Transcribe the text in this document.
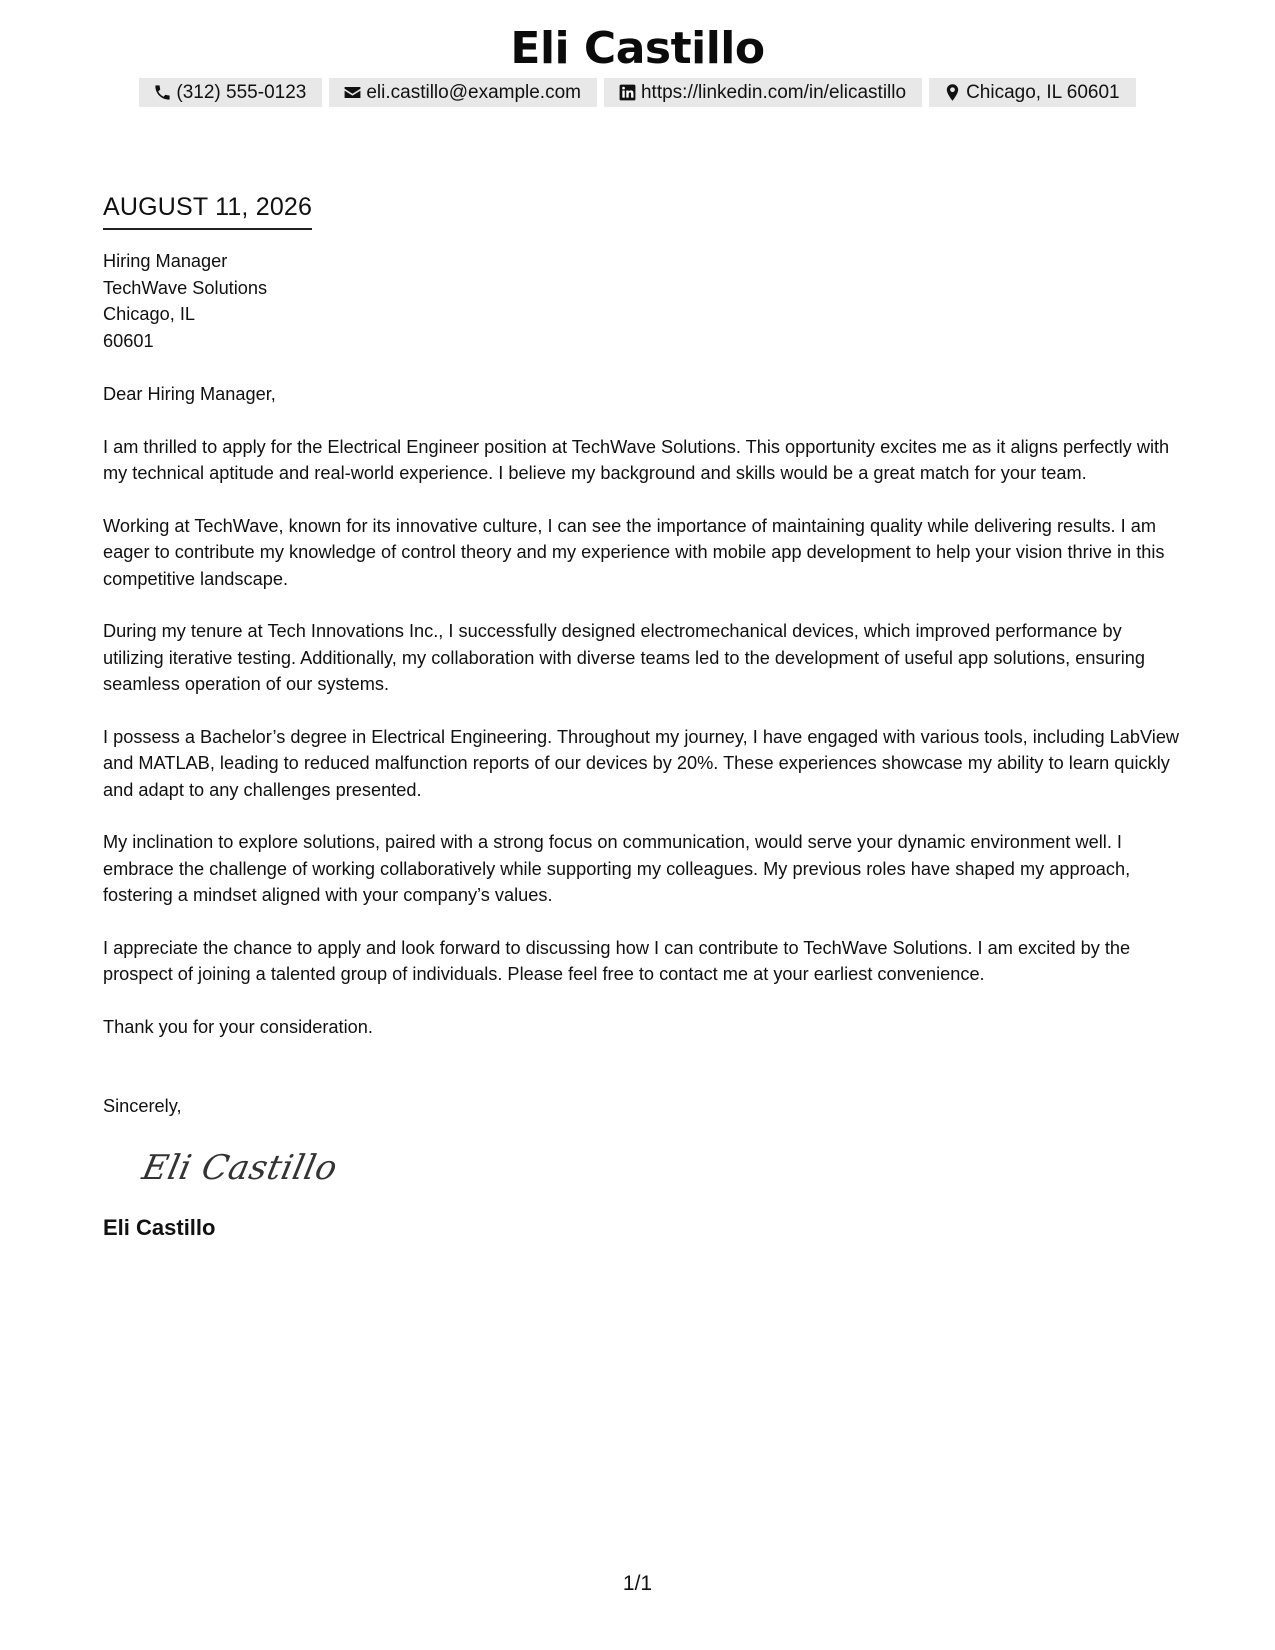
Eli Castillo
(312) 555-0123	eli.castillo@example.com	https://linkedin.com/in/elicastillo	Chicago, IL 60601
AUGUST 11, 2026
Hiring Manager
TechWave Solutions
Chicago, IL
60601
Dear Hiring Manager,

I am thrilled to apply for the Electrical Engineer position at TechWave Solutions. This opportunity excites me as it aligns perfectly with my technical aptitude and real-world experience. I believe my background and skills would be a great match for your team.

Working at TechWave, known for its innovative culture, I can see the importance of maintaining quality while delivering results. I am eager to contribute my knowledge of control theory and my experience with mobile app development to help your vision thrive in this competitive landscape.

During my tenure at Tech Innovations Inc., I successfully designed electromechanical devices, which improved performance by utilizing iterative testing. Additionally, my collaboration with diverse teams led to the development of useful app solutions, ensuring seamless operation of our systems.

I possess a Bachelor’s degree in Electrical Engineering. Throughout my journey, I have engaged with various tools, including LabView and MATLAB, leading to reduced malfunction reports of our devices by 20%. These experiences showcase my ability to learn quickly and adapt to any challenges presented.

My inclination to explore solutions, paired with a strong focus on communication, would serve your dynamic environment well. I embrace the challenge of working collaboratively while supporting my colleagues. My previous roles have shaped my approach, fostering a mindset aligned with your company’s values.

I appreciate the chance to apply and look forward to discussing how I can contribute to TechWave Solutions. I am excited by the prospect of joining a talented group of individuals. Please feel free to contact me at your earliest convenience.

Thank you for your consideration.

Sincerely,
Eli Castillo
Eli Castillo
1/1
